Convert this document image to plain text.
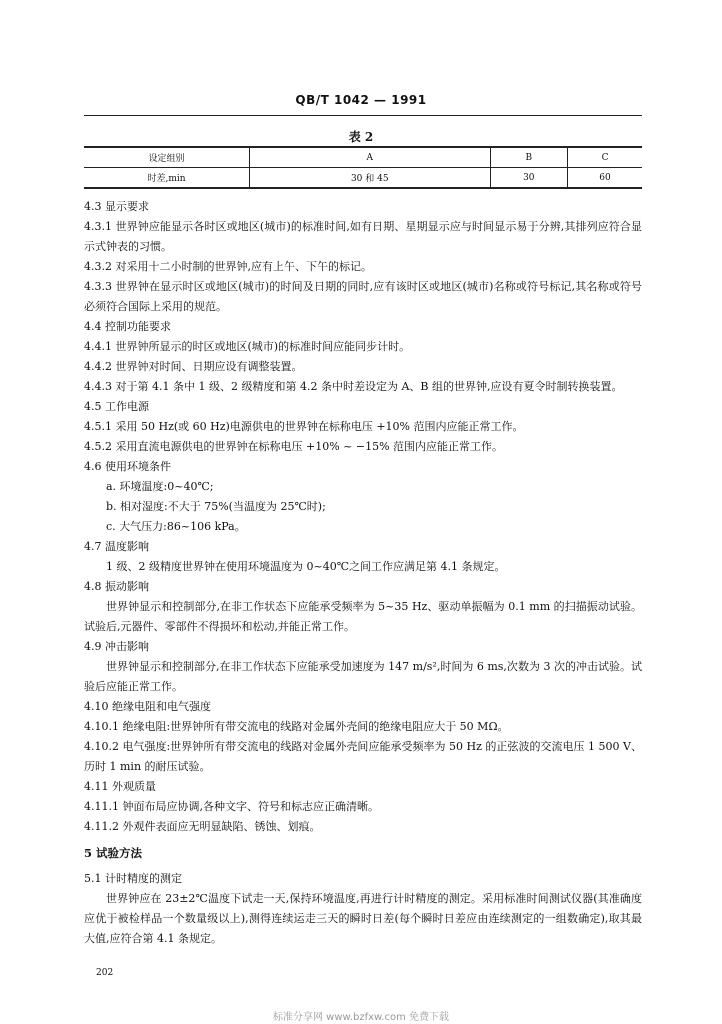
QB/T 1042 — 1991
表 2
设定组别	A	B	C
时差,min	30 和 45	30	60
4.3 显示要求
4.3.1 世界钟应能显示各时区或地区(城市)的标准时间,如有日期、星期显示应与时间显示易于分辨,其排列应符合显示式钟表的习惯。
4.3.2 对采用十二小时制的世界钟,应有上午、下午的标记。
4.3.3 世界钟在显示时区或地区(城市)的时间及日期的同时,应有该时区或地区(城市)名称或符号标记,其名称或符号必须符合国际上采用的规范。
4.4 控制功能要求
4.4.1 世界钟所显示的时区或地区(城市)的标准时间应能同步计时。
4.4.2 世界钟对时间、日期应设有调整装置。
4.4.3 对于第 4.1 条中 1 级、2 级精度和第 4.2 条中时差设定为 A、B 组的世界钟,应设有夏令时制转换装置。
4.5 工作电源
4.5.1 采用 50 Hz(或 60 Hz)电源供电的世界钟在标称电压 +10% 范围内应能正常工作。
4.5.2 采用直流电源供电的世界钟在标称电压 +10% ~ −15% 范围内应能正常工作。
4.6 使用环境条件
a. 环境温度:0~40℃;
b. 相对湿度:不大于 75%(当温度为 25℃时);
c. 大气压力:86~106 kPa。
4.7 温度影响
1 级、2 级精度世界钟在使用环境温度为 0~40℃之间工作应满足第 4.1 条规定。
4.8 振动影响
世界钟显示和控制部分,在非工作状态下应能承受频率为 5~35 Hz、驱动单振幅为 0.1 mm 的扫描振动试验。试验后,元器件、零部件不得损坏和松动,并能正常工作。
4.9 冲击影响
世界钟显示和控制部分,在非工作状态下应能承受加速度为 147 m/s²,时间为 6 ms,次数为 3 次的冲击试验。试验后应能正常工作。
4.10 绝缘电阻和电气强度
4.10.1 绝缘电阻:世界钟所有带交流电的线路对金属外壳间的绝缘电阻应大于 50 MΩ。
4.10.2 电气强度:世界钟所有带交流电的线路对金属外壳间应能承受频率为 50 Hz 的正弦波的交流电压 1 500 V、历时 1 min 的耐压试验。
4.11 外观质量
4.11.1 钟面布局应协调,各种文字、符号和标志应正确清晰。
4.11.2 外观件表面应无明显缺陷、锈蚀、划痕。
5 试验方法
5.1 计时精度的测定
世界钟应在 23±2℃温度下试走一天,保持环境温度,再进行计时精度的测定。采用标准时间测试仪器(其准确度应优于被检样品一个数量级以上),测得连续运走三天的瞬时日差(每个瞬时日差应由连续测定的一组数确定),取其最大值,应符合第 4.1 条规定。
202
标准分享网 www.bzfxw.com 免费下载
